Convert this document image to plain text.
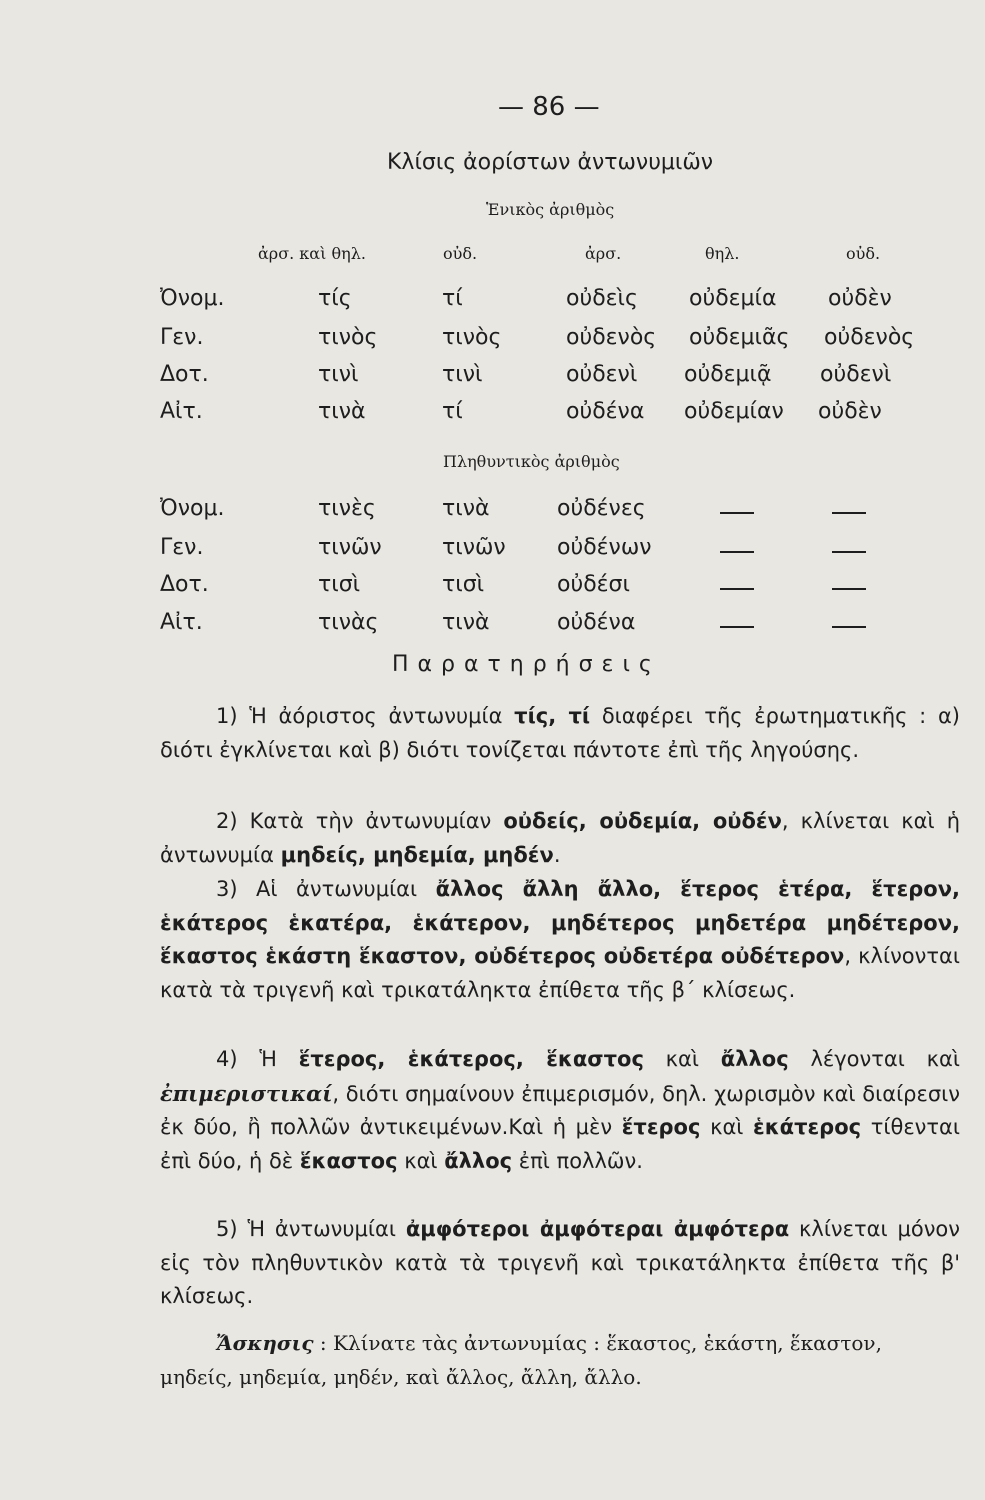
— 86 —
Κλίσις ἀορίστων ἀντωνυμιῶν
Ἑνικὸς ἀριθμὸς
ἀρσ. καὶ θηλ.	οὐδ.	ἀρσ.	θηλ.	οὐδ.
Ὀνομ.	τίς	τί	οὐδεὶς οὐδεμία οὐδὲν
Γεν.	τινὸς	τινὸς	οὐδενὸς οὐδεμιᾶς οὐδενὸς
Δοτ.	τινὶ	τινὶ	οὐδενὶ οὐδεμιᾷ οὐδενὶ
Αἰτ.	τινὰ	τί	οὐδένα οὐδεμίαν οὐδὲν
Πληθυντικὸς ἀριθμὸς
Ὀνομ.	τινὲς	τινὰ	οὐδένες
Γεν.	τινῶν	τινῶν οὐδένων
Δοτ.	τισὶ	τισὶ	οὐδέσι
Αἰτ.	τινὰς	τινὰ	οὐδένα
Παρατηρήσεις

1) Ἡ ἀόριστος ἀντωνυμία τίς, τί διαφέρει τῆς ἐρωτηματικῆς : α) διότι ἐγκλίνεται καὶ β) διότι τονίζεται πάντοτε ἐπὶ τῆς ληγούσης.

2) Κατὰ τὴν ἀντωνυμίαν οὐδείς, οὐδεμία, οὐδέν, κλίνεται καὶ ἡ ἀντωνυμία μηδείς, μηδεμία, μηδέν.

3) Αἱ ἀντωνυμίαι ἄλλος ἄλλη ἄλλο, ἕτερος ἑτέρα, ἕτερον, ἑκάτερος ἑκατέρα, ἑκάτερον, μηδέτερος μηδετέρα μηδέτερον, ἕκαστος ἑκάστη ἕκαστον, οὐδέτερος οὐδετέρα οὐδέτερον, κλίνονται κατὰ τὰ τριγενῆ καὶ τρικατάληκτα ἐπίθετα τῆς β΄ κλίσεως.

4) Ἡ ἕτερος, ἑκάτερος, ἕκαστος καὶ ἄλλος λέγονται καὶ ἐπιμεριστικαί, διότι σημαίνουν ἐπιμερισμόν, δηλ. χωρισμὸν καὶ διαίρεσιν ἐκ δύο, ἢ πολλῶν ἀντικειμένων.Καὶ ἡ μὲν ἕτερος καὶ ἑκάτερος τίθενται ἐπὶ δύο, ἡ δὲ ἕκαστος καὶ ἄλλος ἐπὶ πολλῶν.

5) Ἡ ἀντωνυμίαι ἀμφότεροι ἀμφότεραι ἀμφότερα κλίνεται μόνον εἰς τὸν πληθυντικὸν κατὰ τὰ τριγενῆ καὶ τρικατάληκτα ἐπίθετα τῆς β' κλίσεως.

Ἄσκησις : Κλίνατε τὰς ἀντωνυμίας : ἕκαστος, ἑκάστη, ἕκαστον, μηδείς, μηδεμία, μηδέν, καὶ ἄλλος, ἄλλη, ἄλλο.
